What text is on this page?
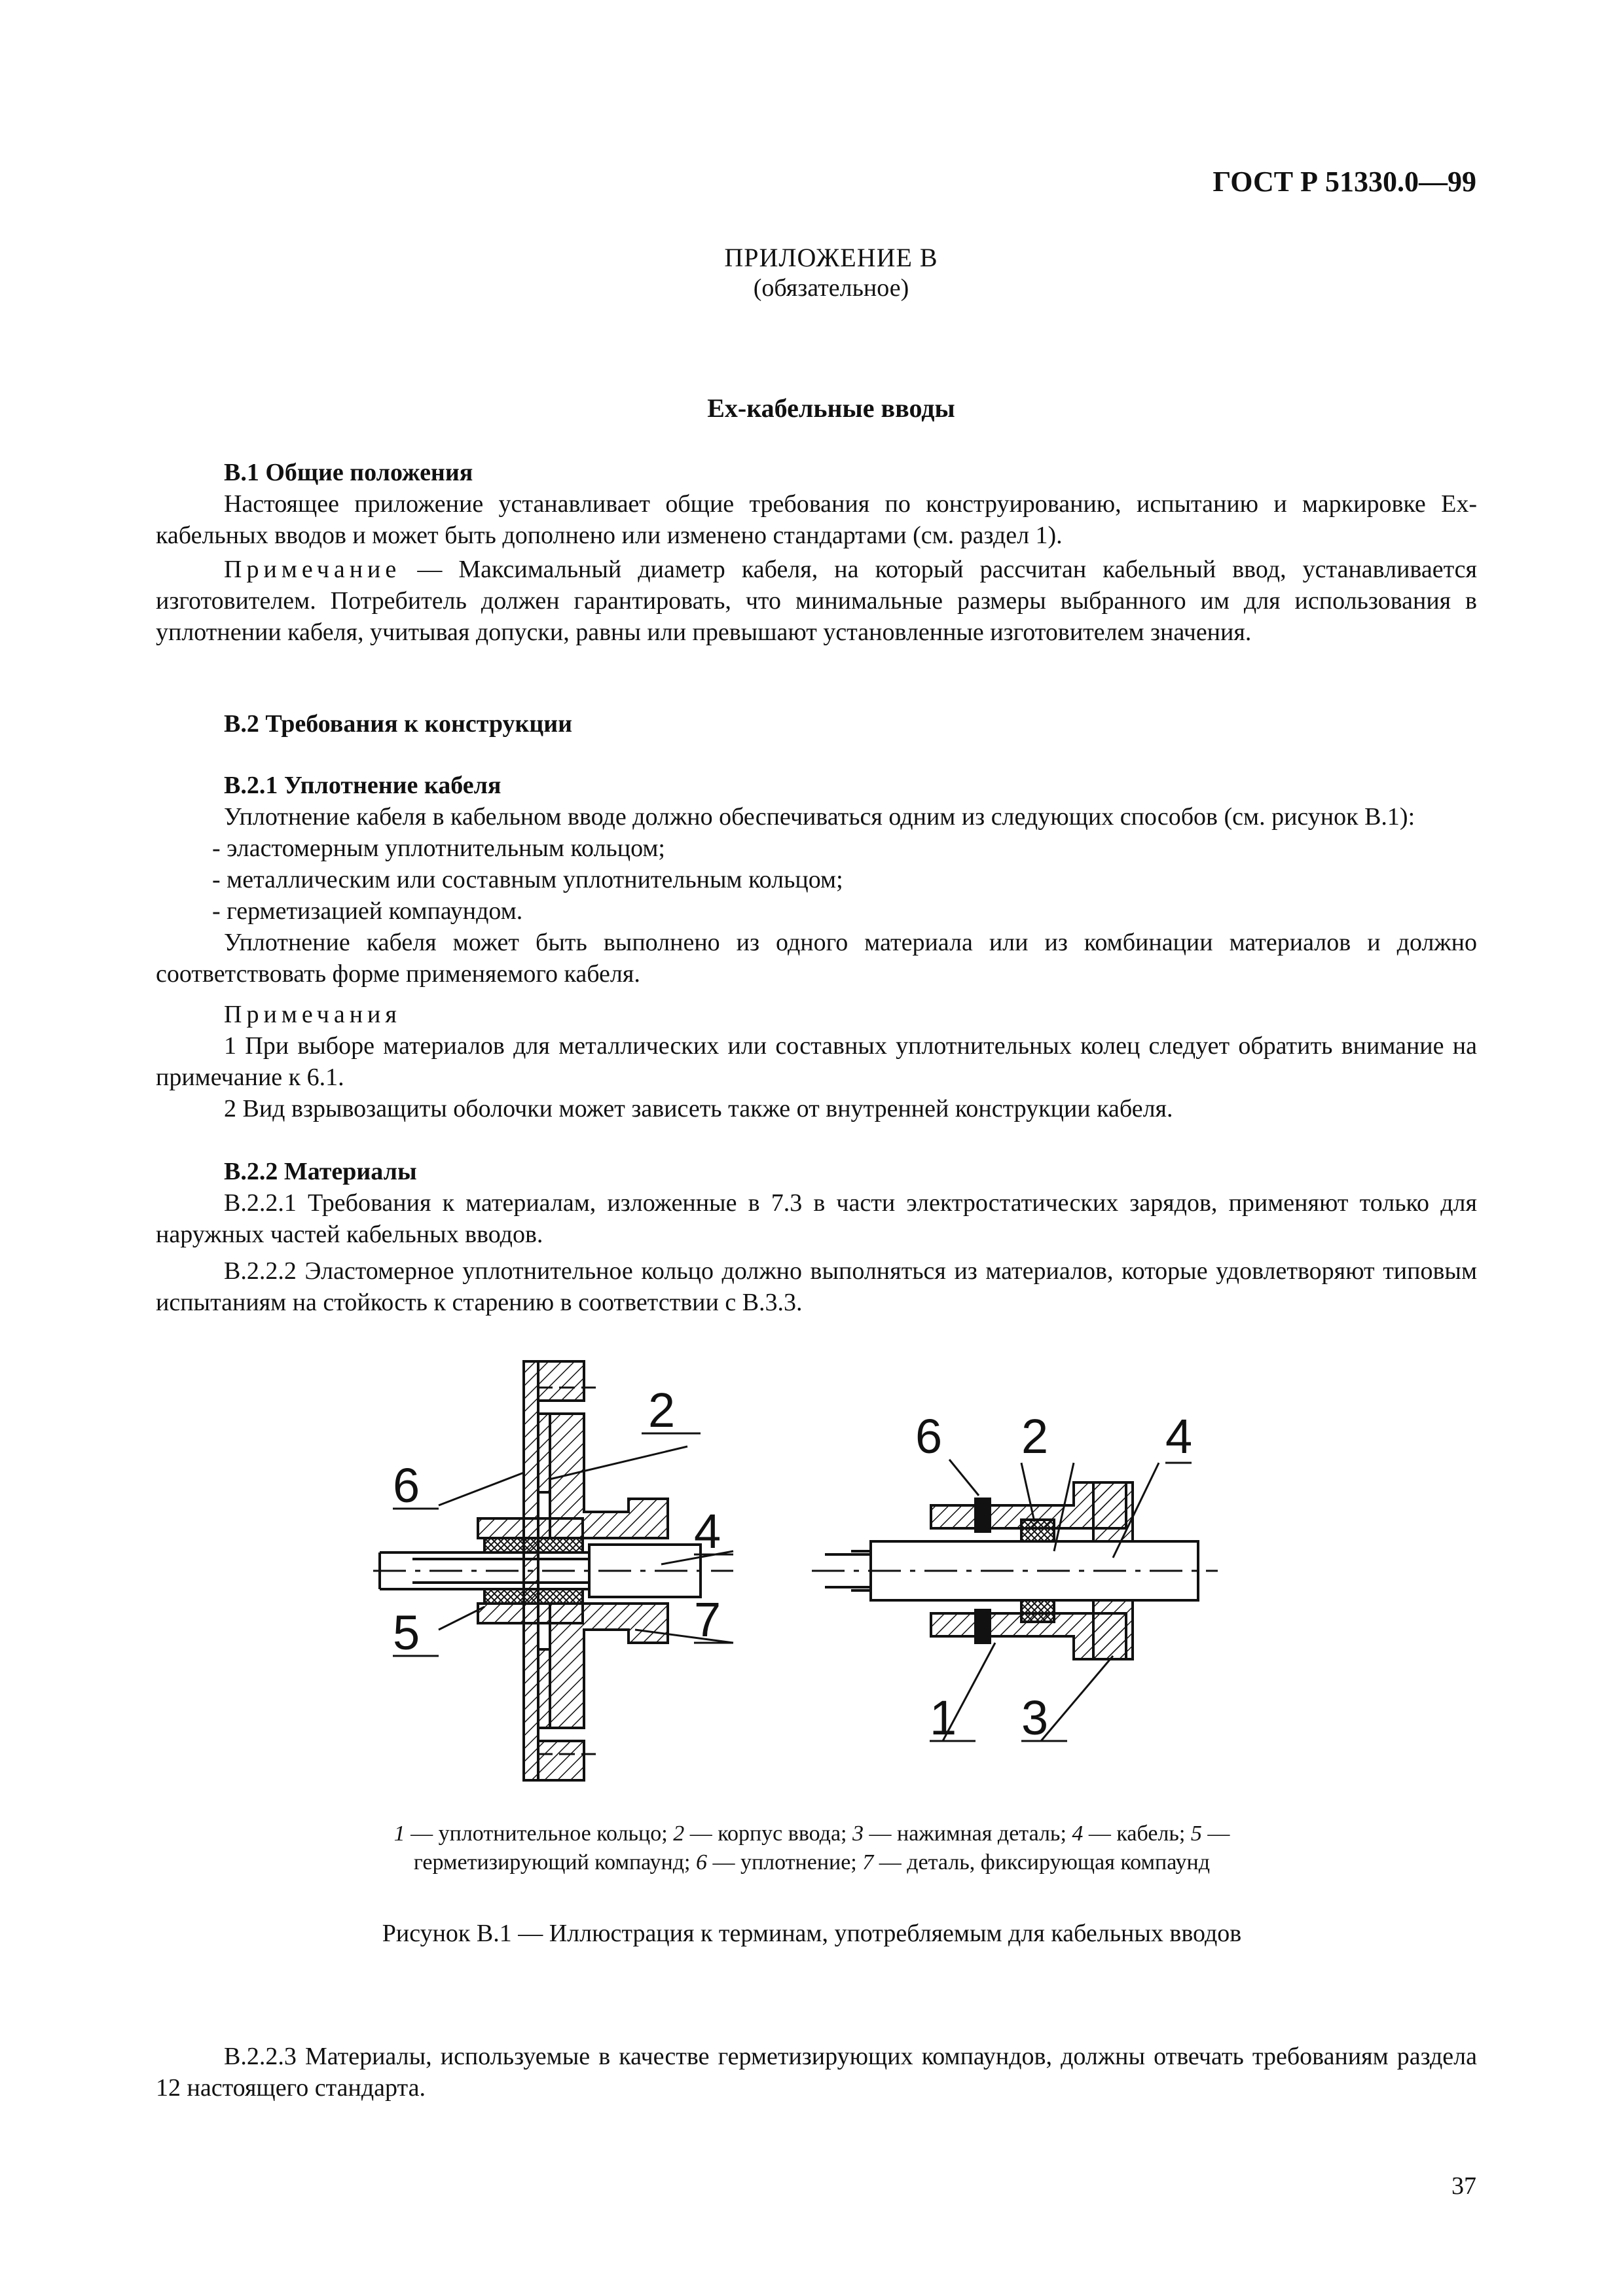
ГОСТ Р 51330.0—99
ПРИЛОЖЕНИЕ В
(обязательное)
Ех-кабельные вводы

В.1 Общие положения

Настоящее приложение устанавливает общие требования по конструированию, испытанию и маркировке Ех-кабельных вводов и может быть дополнено или изменено стандартами (см. раздел 1).

Примечание — Максимальный диаметр кабеля, на который рассчитан кабельный ввод, устанавливается изготовителем. Потребитель должен гарантировать, что минимальные размеры выбранного им для использования в уплотнении кабеля, учитывая допуски, равны или превышают установленные изготовителем значения.

В.2 Требования к конструкции

В.2.1 Уплотнение кабеля

Уплотнение кабеля в кабельном вводе должно обеспечиваться одним из следующих способов (см. рисунок В.1):

- эластомерным уплотнительным кольцом;

- металлическим или составным уплотнительным кольцом;

- герметизацией компаундом.

Уплотнение кабеля может быть выполнено из одного материала или из комбинации материалов и должно соответствовать форме применяемого кабеля.

Примечания

1 При выборе материалов для металлических или составных уплотнительных колец следует обратить внимание на примечание к 6.1.

2 Вид взрывозащиты оболочки может зависеть также от внутренней конструкции кабеля.

В.2.2 Материалы

В.2.2.1 Требования к материалам, изложенные в 7.3 в части электростатических зарядов, применяют только для наружных частей кабельных вводов.

В.2.2.2 Эластомерное уплотнительное кольцо должно выполняться из материалов, которые удовлетворяют типовым испытаниям на стойкость к старению в соответствии с В.3.3.

6
2
4
5	7
6 2 4
1 3
1 — уплотнительное кольцо; 2 — корпус ввода; 3 — нажимная деталь; 4 — кабель; 5 — герметизирующий компаунд; 6 — уплотнение; 7 — деталь, фиксирующая компаунд
Рисунок В.1 — Иллюстрация к терминам, употребляемым для кабельных вводов

В.2.2.3 Материалы, используемые в качестве герметизирующих компаундов, должны отвечать требованиям раздела 12 настоящего стандарта.

37
